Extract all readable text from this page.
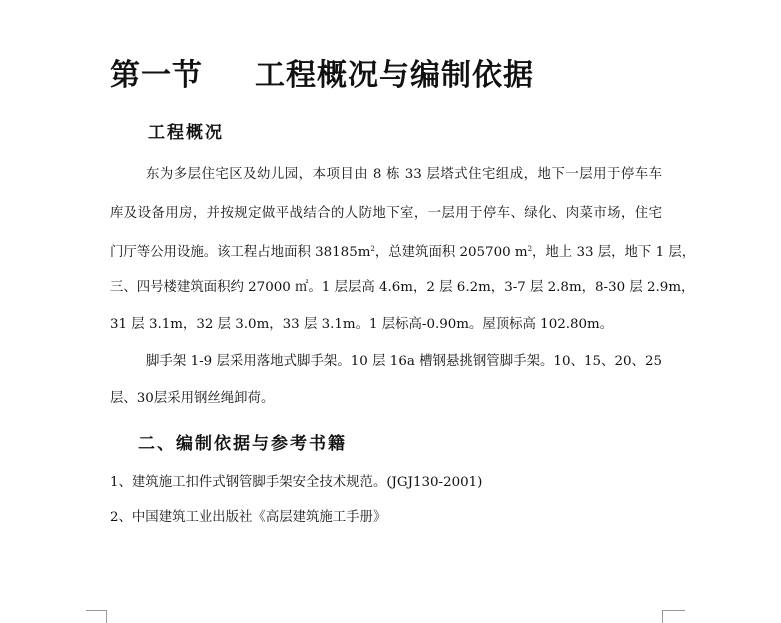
第一节 工程概况与编制依据
工程概况
东为多层住宅区及幼儿园，本项目由 8 栋 33 层塔式住宅组成，地下一层用于停车车
库及设备用房，并按规定做平战结合的人防地下室，一层用于停车、绿化、肉菜市场，住宅
门厅等公用设施。该工程占地面积 $38185m^2$，总建筑面积 205700 $m^2$，地上 33 层，地下 1 层，
三、四号楼建筑面积约 27000 ㎡。1 层层高 4.6m，2 层 6.2m，3-7 层 2.8m，8-30 层 2.9m，
31 层 3.1m，32 层 3.0m，33 层 3.1m。1 层标高-0.90m。屋顶标高 102.80m。
脚手架 1-9 层采用落地式脚手架。10 层 16a 槽钢悬挑钢管脚手架。10、15、20、25
层、30层采用钢丝绳卸荷。
二、编制依据与参考书籍
1、建筑施工扣件式钢管脚手架安全技术规范。(JGJ130-2001)
2、中国建筑工业出版社《高层建筑施工手册》
